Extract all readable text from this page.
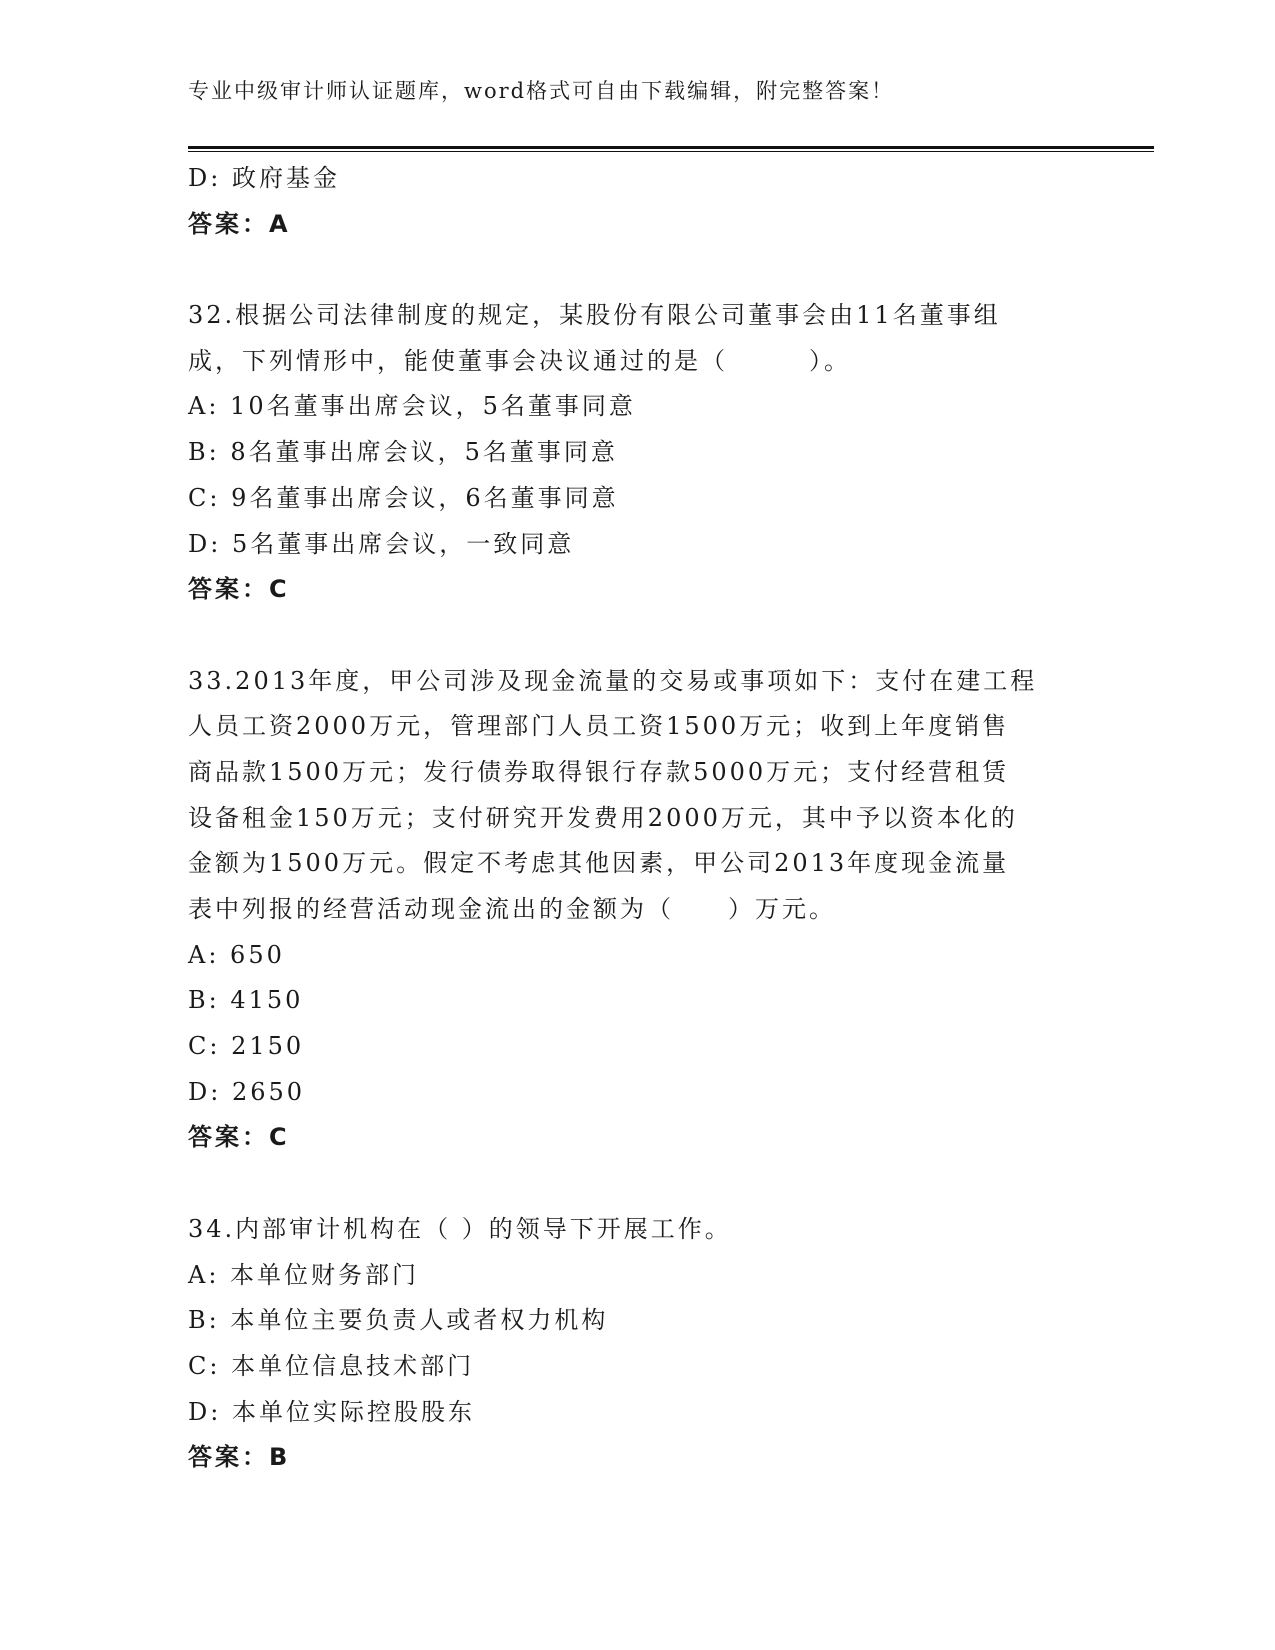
专业中级审计师认证题库，word格式可自由下载编辑，附完整答案！
D: 政府基金
答案：A
32.根据公司法律制度的规定，某股份有限公司董事会由11名董事组
成，下列情形中，能使董事会决议通过的是（　　　）。
A: 10名董事出席会议，5名董事同意
B: 8名董事出席会议，5名董事同意
C: 9名董事出席会议，6名董事同意
D: 5名董事出席会议，一致同意
答案：C
33.2013年度，甲公司涉及现金流量的交易或事项如下：支付在建工程
人员工资2000万元，管理部门人员工资1500万元；收到上年度销售
商品款1500万元；发行债券取得银行存款5000万元；支付经营租赁
设备租金150万元；支付研究开发费用2000万元，其中予以资本化的
金额为1500万元。假定不考虑其他因素，甲公司2013年度现金流量
表中列报的经营活动现金流出的金额为（　　）万元。
A: 650
B: 4150
C: 2150
D: 2650
答案：C
34.内部审计机构在（ ）的领导下开展工作。
A: 本单位财务部门
B: 本单位主要负责人或者权力机构
C: 本单位信息技术部门
D: 本单位实际控股股东
答案：B
